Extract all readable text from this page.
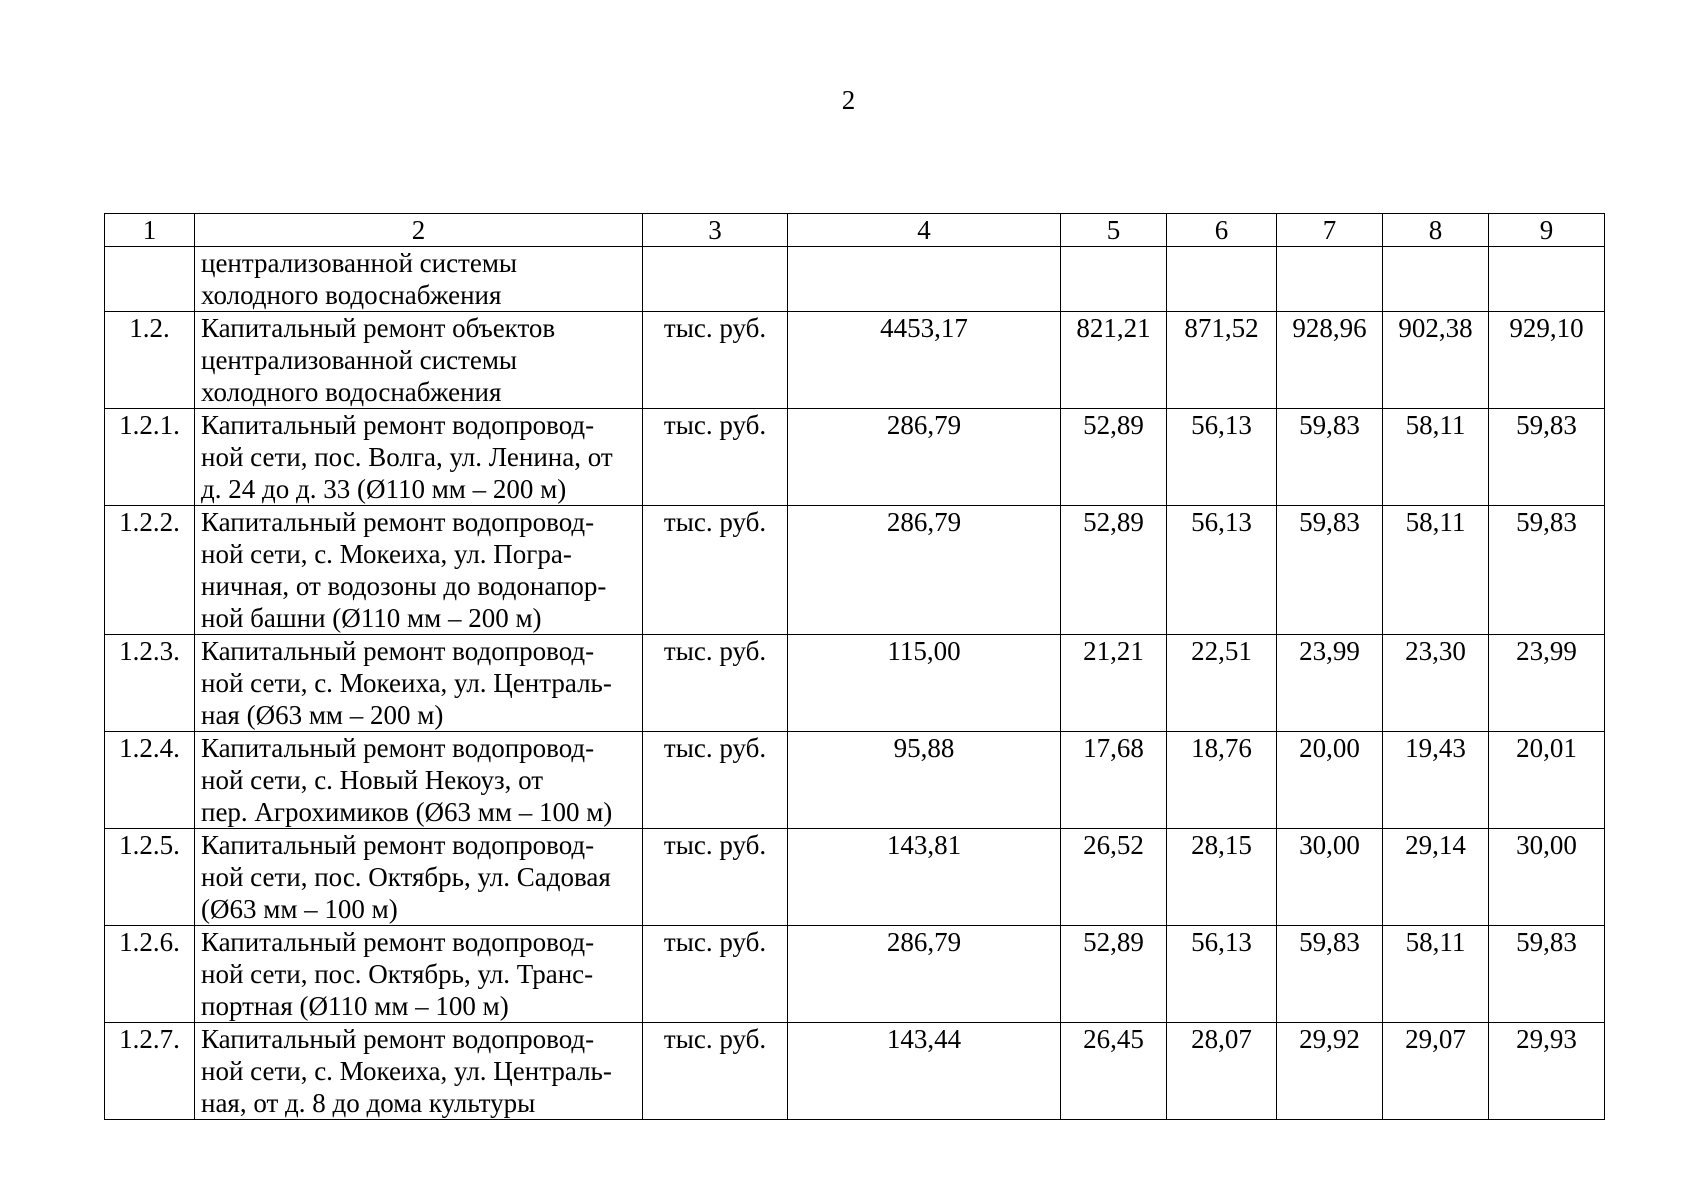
2
1	2	3	4	5	6	7	8	9

	централизованной системы
холодного водоснабжения							

1.2.	Капитальный ремонт объектов
централизованной системы
холодного водоснабжения	тыс. руб.	4453,17	821,21	871,52	928,96	902,38	929,10
1.2.1.	Капитальный ремонт водопровод-
ной сети, пос. Волга, ул. Ленина, от
д. 24 до д. 33 (Ø110 мм – 200 м)	тыс. руб.	286,79	52,89	56,13	59,83	58,11	59,83
1.2.2.	Капитальный ремонт водопровод-
ной сети, с. Мокеиха, ул. Погра-
ничная, от водозоны до водонапор-
ной башни (Ø110 мм – 200 м)	тыс. руб.	286,79	52,89	56,13	59,83	58,11	59,83
1.2.3.	Капитальный ремонт водопровод-
ной сети, с. Мокеиха, ул. Централь-
ная (Ø63 мм – 200 м)	тыс. руб.	115,00	21,21	22,51	23,99	23,30	23,99
1.2.4.	Капитальный ремонт водопровод-
ной сети, с. Новый Некоуз, от
пер. Агрохимиков (Ø63 мм – 100 м)	тыс. руб.	95,88	17,68	18,76	20,00	19,43	20,01
1.2.5.	Капитальный ремонт водопровод-
ной сети, пос. Октябрь, ул. Садовая
(Ø63 мм – 100 м)	тыс. руб.	143,81	26,52	28,15	30,00	29,14	30,00
1.2.6.	Капитальный ремонт водопровод-
ной сети, пос. Октябрь, ул. Транс-
портная (Ø110 мм – 100 м)	тыс. руб.	286,79	52,89	56,13	59,83	58,11	59,83
1.2.7.	Капитальный ремонт водопровод-
ной сети, с. Мокеиха, ул. Централь-
ная, от д. 8 до дома культуры	тыс. руб.	143,44	26,45	28,07	29,92	29,07	29,93
